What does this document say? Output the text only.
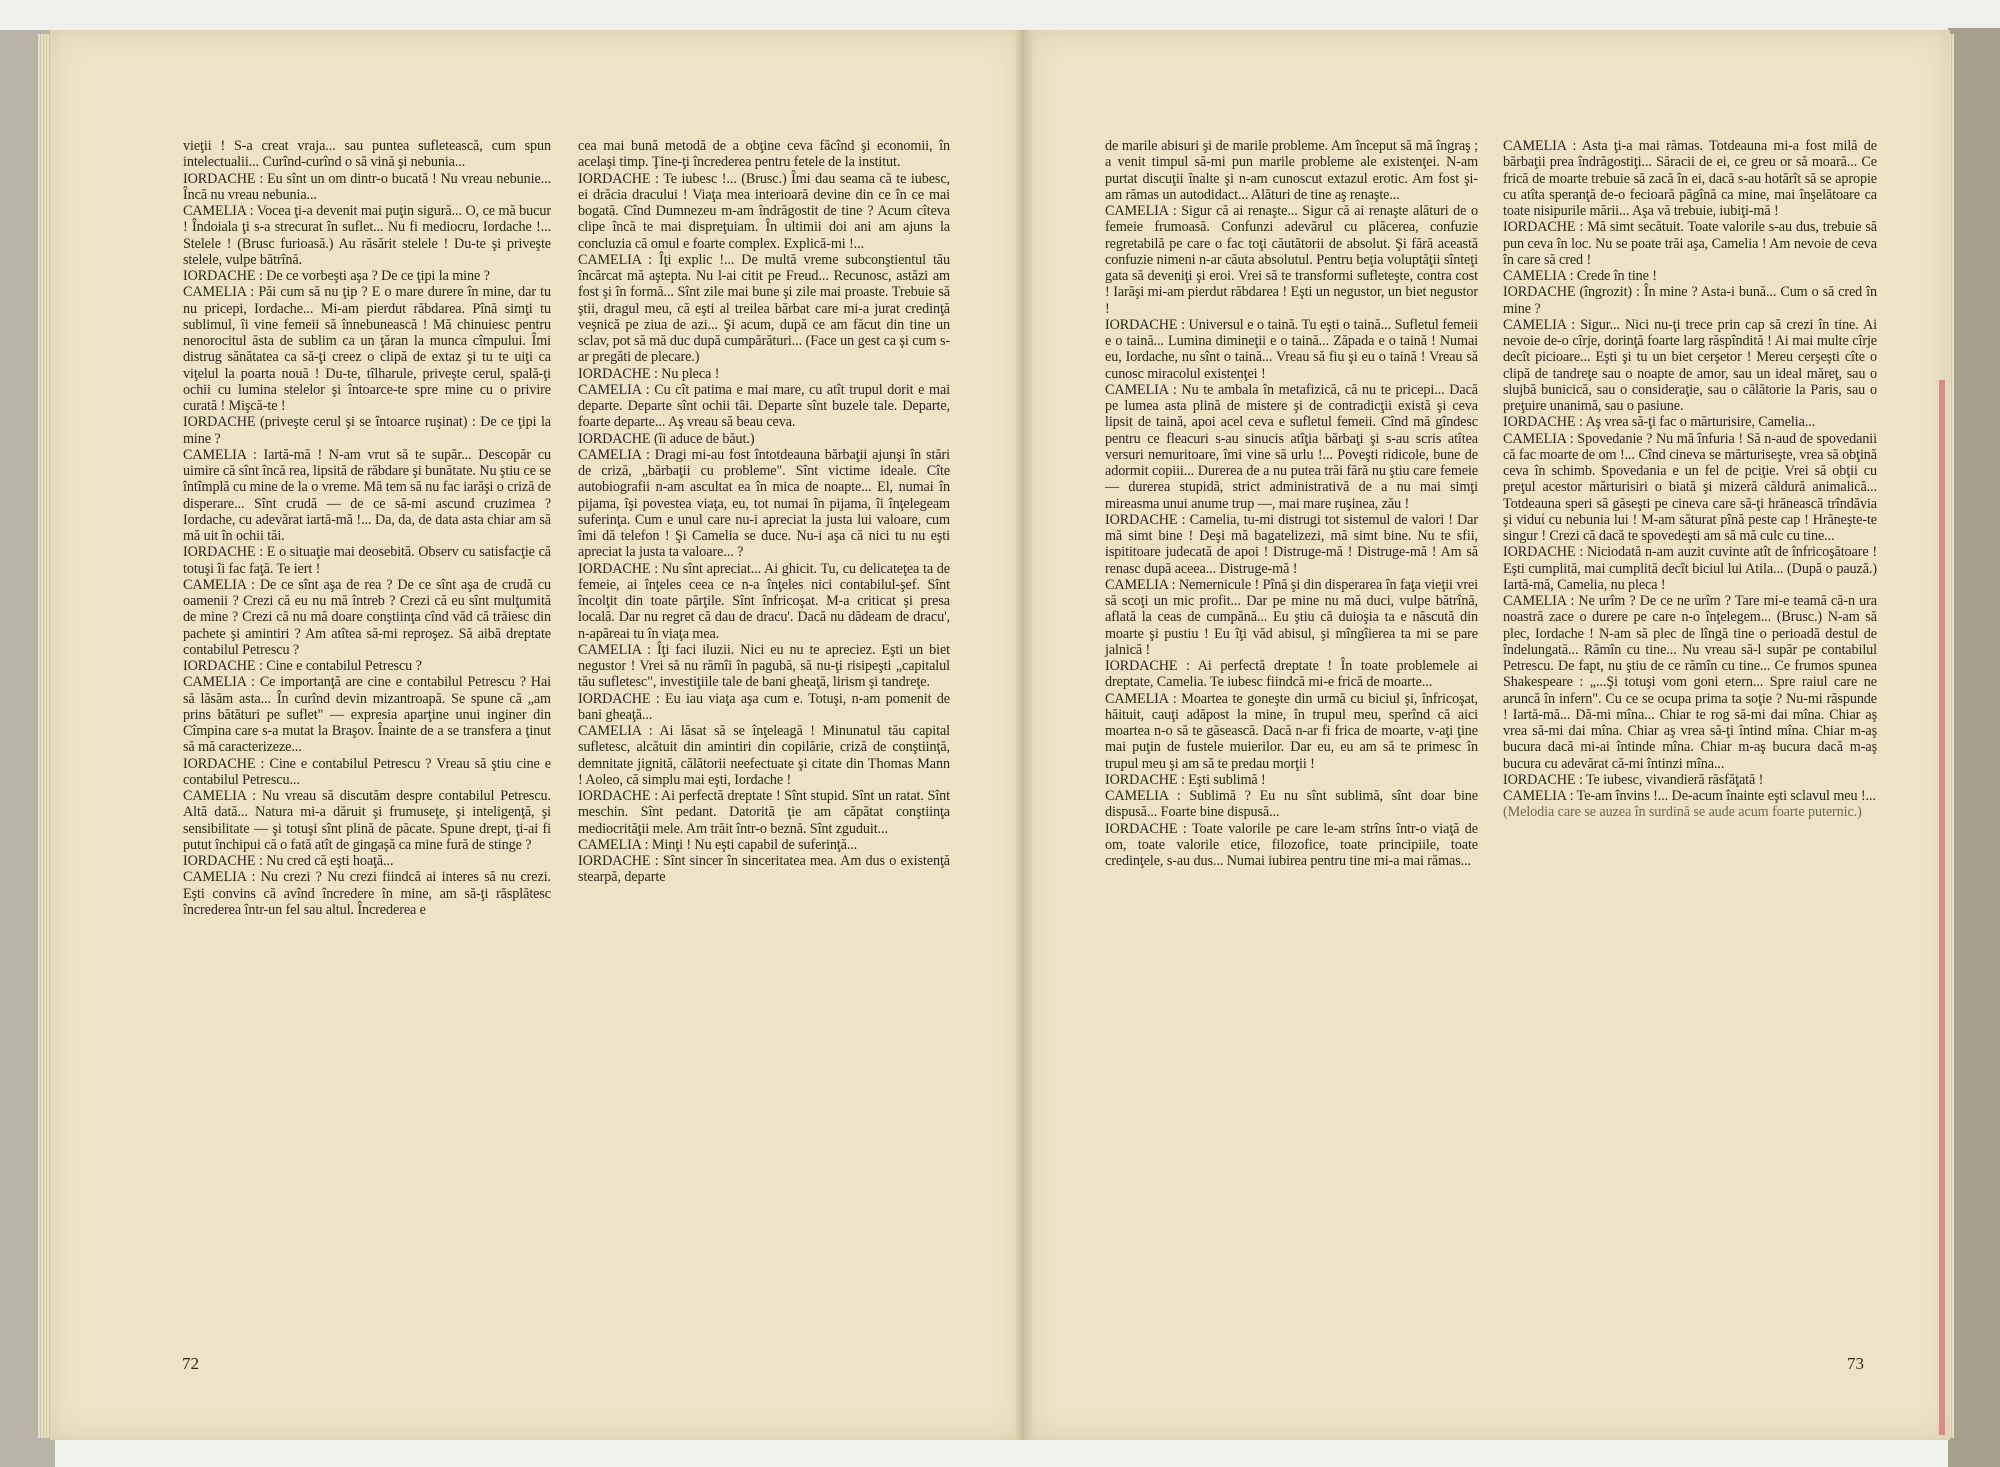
vieţii ! S-a creat vraja... sau puntea sufletească, cum spun intelectualii... Curînd-curînd o să vină şi nebunia...

IORDACHE : Eu sînt un om dintr-o bucată ! Nu vreau nebunie... Încă nu vreau nebunia...

CAMELIA : Vocea ţi-a devenit mai puţin sigură... O, ce mă bucur ! Îndoiala ţi s-a strecurat în suflet... Nu fi mediocru, Iordache !... Stelele ! (Brusc furioasă.) Au răsărit stelele ! Du-te şi priveşte stelele, vulpe bătrînă.

IORDACHE : De ce vorbeşti aşa ? De ce ţipi la mine ?

CAMELIA : Păi cum să nu ţip ? E o mare durere în mine, dar tu nu pricepi, Iordache... Mi-am pierdut răbdarea. Pînă simţi tu sublimul, îi vine femeii să înnebunească ! Mă chinuiesc pentru nenorocitul ăsta de sublim ca un ţăran la munca cîmpului. Îmi distrug sănătatea ca să-ţi creez o clipă de extaz şi tu te uiţi ca viţelul la poarta nouă ! Du-te, tîlharule, priveşte cerul, spală-ţi ochii cu lumina stelelor şi întoarce-te spre mine cu o privire curată ! Mişcă-te !

IORDACHE (priveşte cerul şi se întoarce ruşinat) : De ce ţipi la mine ?

CAMELIA : Iartă-mă ! N-am vrut să te supăr... Descopăr cu uimire că sînt încă rea, lipsită de răbdare şi bunătate. Nu ştiu ce se întîmplă cu mine de la o vreme. Mă tem să nu fac iarăşi o criză de disperare... Sînt crudă — de ce să-mi ascund cruzimea ? Iordache, cu adevărat iartă-mă !... Da, da, de data asta chiar am să mă uit în ochii tăi.

IORDACHE : E o situaţie mai deosebită. Observ cu satisfacţie că totuşi îi fac faţă. Te iert !

CAMELIA : De ce sînt aşa de rea ? De ce sînt aşa de crudă cu oamenii ? Crezi că eu nu mă întreb ? Crezi că eu sînt mulţumită de mine ? Crezi că nu mă doare conştiinţa cînd văd că trăiesc din pachete şi amintiri ? Am atîtea să-mi reproşez. Să aibă dreptate contabilul Petrescu ?

IORDACHE : Cine e contabilul Petrescu ?

CAMELIA : Ce importanţă are cine e contabilul Petrescu ? Hai să lăsăm asta... În curînd devin mizantroapă. Se spune că „am prins bătături pe suflet" — expresia aparţine unui inginer din Cîmpina care s-a mutat la Braşov. Înainte de a se transfera a ţinut să mă caracterizeze...

IORDACHE : Cine e contabilul Petrescu ? Vreau să ştiu cine e contabilul Petrescu...

CAMELIA : Nu vreau să discutăm despre contabilul Petrescu. Altă dată... Natura mi-a dăruit şi frumuseţe, şi inteligenţă, şi sensibilitate — şi totuşi sînt plină de păcate. Spune drept, ţi-ai fi putut închipui că o fată atît de gingaşă ca mine fură de stinge ?

IORDACHE : Nu cred că eşti hoaţă...

CAMELIA : Nu crezi ? Nu crezi fiindcă ai interes să nu crezi. Eşti convins că avînd încredere în mine, am să-ţi răsplătesc încrederea într-un fel sau altul. Încrederea e

cea mai bună metodă de a obţine ceva făcînd şi economii, în acelaşi timp. Ţine-ţi încrederea pentru fetele de la institut.

IORDACHE : Te iubesc !... (Brusc.) Îmi dau seama că te iubesc, ei drăcia dracului ! Viaţa mea interioară devine din ce în ce mai bogată. Cînd Dumnezeu m-am îndrăgostit de tine ? Acum cîteva clipe încă te mai dispreţuiam. În ultimii doi ani am ajuns la concluzia că omul e foarte complex. Explică-mi !...

CAMELIA : Îţi explic !... De multă vreme subconştientul tău încărcat mă aştepta. Nu l-ai citit pe Freud... Recunosc, astăzi am fost şi în formă... Sînt zile mai bune şi zile mai proaste. Trebuie să ştii, dragul meu, că eşti al treilea bărbat care mi-a jurat credinţă veşnică pe ziua de azi... Şi acum, după ce am făcut din tine un sclav, pot să mă duc după cumpărături... (Face un gest ca şi cum s-ar pregăti de plecare.)

IORDACHE : Nu pleca !

CAMELIA : Cu cît patima e mai mare, cu atît trupul dorit e mai departe. Departe sînt ochii tăi. Departe sînt buzele tale. Departe, foarte departe... Aş vreau să beau ceva.

IORDACHE (îi aduce de băut.)

CAMELIA : Dragi mi-au fost întotdeauna bărbaţii ajunşi în stări de criză, „bărbaţii cu probleme". Sînt victime ideale. Cîte autobiografii n-am ascultat ea în mica de noapte... El, numai în pijama, îşi povestea viaţa, eu, tot numai în pijama, îi înţelegeam suferinţa. Cum e unul care nu-i apreciat la justa lui valoare, cum îmi dă telefon ! Şi Camelia se duce. Nu-i aşa că nici tu nu eşti apreciat la justa ta valoare... ?

IORDACHE : Nu sînt apreciat... Ai ghicit. Tu, cu delicateţea ta de femeie, ai înţeles ceea ce n-a înţeles nici contabilul-şef. Sînt încolţit din toate părţile. Sînt înfricoşat. M-a criticat şi presa locală. Dar nu regret că dau de dracu'. Dacă nu dădeam de dracu', n-apăreai tu în viaţa mea.

CAMELIA : Îţi faci iluzii. Nici eu nu te apreciez. Eşti un biet negustor ! Vrei să nu rămîi în pagubă, să nu-ţi risipeşti „capitalul tău sufletesc", investiţiile tale de bani gheaţă, lirism şi tandreţe.

IORDACHE : Eu iau viaţa aşa cum e. Totuşi, n-am pomenit de bani gheaţă...

CAMELIA : Ai lăsat să se înţeleagă ! Minunatul tău capital sufletesc, alcătuit din amintiri din copilărie, criză de conştiinţă, demnitate jignită, călătorii neefectuate şi citate din Thomas Mann ! Aoleo, că simplu mai eşti, Iordache !

IORDACHE : Ai perfectă dreptate ! Sînt stupid. Sînt un ratat. Sînt meschin. Sînt pedant. Datorită ţie am căpătat conştiinţa mediocrităţii mele. Am trăit într-o beznă. Sînt zguduit...

CAMELIA : Minţi ! Nu eşti capabil de suferinţă...

IORDACHE : Sînt sincer în sinceritatea mea. Am dus o existenţă stearpă, departe

de marile abisuri şi de marile probleme. Am început să mă îngraş ; a venit timpul să-mi pun marile probleme ale existenţei. N-am purtat discuţii înalte şi n-am cunoscut extazul erotic. Am fost şi-am rămas un autodidact... Alături de tine aş renaşte...

CAMELIA : Sigur că ai renaşte... Sigur că ai renaşte alături de o femeie frumoasă. Confunzi adevărul cu plăcerea, confuzie regretabilă pe care o fac toţi căutătorii de absolut. Şi fără această confuzie nimeni n-ar căuta absolutul. Pentru beţia voluptăţii sînteţi gata să deveniţi şi eroi. Vrei să te transformi sufleteşte, contra cost ! Iarăşi mi-am pierdut răbdarea ! Eşti un negustor, un biet negustor !

IORDACHE : Universul e o taină. Tu eşti o taină... Sufletul femeii e o taină... Lumina dimineţii e o taină... Zăpada e o taină ! Numai eu, Iordache, nu sînt o taină... Vreau să fiu şi eu o taină ! Vreau să cunosc miracolul existenţei !

CAMELIA : Nu te ambala în metafizică, că nu te pricepi... Dacă pe lumea asta plină de mistere şi de contradicţii există şi ceva lipsit de taină, apoi acel ceva e sufletul femeii. Cînd mă gîndesc pentru ce fleacuri s-au sinucis atîţia bărbaţi şi s-au scris atîtea versuri nemuritoare, îmi vine să urlu !... Poveşti ridicole, bune de adormit copiii... Durerea de a nu putea trăi fără nu ştiu care femeie — durerea stupidă, strict administrativă de a nu mai simţi mireasma unui anume trup —, mai mare ruşinea, zău !

IORDACHE : Camelia, tu-mi distrugi tot sistemul de valori ! Dar mă simt bine ! Deşi mă bagatelizezi, mă simt bine. Nu te sfii, ispititoare judecată de apoi ! Distruge-mă ! Distruge-mă ! Am să renasc după aceea... Distruge-mă !

CAMELIA : Nemernicule ! Pînă şi din disperarea în faţa vieţii vrei să scoţi un mic profit... Dar pe mine nu mă duci, vulpe bătrînă, aflată la ceas de cumpănă... Eu ştiu că duioşia ta e născută din moarte şi pustiu ! Eu îţi văd abisul, şi mîngîierea ta mi se pare jalnică !

IORDACHE : Ai perfectă dreptate ! În toate problemele ai dreptate, Camelia. Te iubesc fiindcă mi-e frică de moarte...

CAMELIA : Moartea te goneşte din urmă cu biciul şi, înfricoşat, hăituit, cauţi adăpost la mine, în trupul meu, sperînd că aici moartea n-o să te găsească. Dacă n-ar fi frica de moarte, v-aţi ţine mai puţin de fustele muierilor. Dar eu, eu am să te primesc în trupul meu şi am să te predau morţii !

IORDACHE : Eşti sublimă !

CAMELIA : Sublimă ? Eu nu sînt sublimă, sînt doar bine dispusă... Foarte bine dispusă...

IORDACHE : Toate valorile pe care le-am strîns într-o viaţă de om, toate valorile etice, filozofice, toate principiile, toate credinţele, s-au dus... Numai iubirea pentru tine mi-a mai rămas...

CAMELIA : Asta ţi-a mai rămas. Totdeauna mi-a fost milă de bărbaţii prea îndrăgostiţi... Săracii de ei, ce greu or să moară... Ce frică de moarte trebuie să zacă în ei, dacă s-au hotărît să se apropie cu atîta speranţă de-o fecioară păgînă ca mine, mai înşelătoare ca toate nisipurile mării... Aşa vă trebuie, iubiţi-mă !

IORDACHE : Mă simt secătuit. Toate valorile s-au dus, trebuie să pun ceva în loc. Nu se poate trăi aşa, Camelia ! Am nevoie de ceva în care să cred !

CAMELIA : Crede în tine !

IORDACHE (îngrozit) : În mine ? Asta-i bună... Cum o să cred în mine ?

CAMELIA : Sigur... Nici nu-ţi trece prin cap să crezi în tine. Ai nevoie de-o cîrje, dorinţă foarte larg răspîndită ! Ai mai multe cîrje decît picioare... Eşti şi tu un biet cerşetor ! Mereu cerşeşti cîte o clipă de tandreţe sau o noapte de amor, sau un ideal măreţ, sau o slujbă bunicică, sau o consideraţie, sau o călătorie la Paris, sau o preţuire unanimă, sau o pasiune.

IORDACHE : Aş vrea să-ţi fac o mărturisire, Camelia...

CAMELIA : Spovedanie ? Nu mă înfuria ! Să n-aud de spovedanii că fac moarte de om !... Cînd cineva se mărturiseşte, vrea să obţină ceva în schimb. Spovedania e un fel de pciţie. Vrei să obţii cu preţul acestor mărturisiri o biată şi mizeră căldură animalică... Totdeauna speri să găseşti pe cineva care să-ţi hrănească trîndăvia şi viduί cu nebunia lui ! M-am săturat pînă peste cap ! Hrăneşte-te singur ! Crezi că dacă te spovedeşti am să mă culc cu tine...

IORDACHE : Niciodată n-am auzit cuvinte atît de înfricoşătoare ! Eşti cumplită, mai cumplită decît biciul lui Atila... (După o pauză.) Iartă-mă, Camelia, nu pleca !

CAMELIA : Ne urîm ? De ce ne urîm ? Tare mi-e teamă că-n ura noastră zace o durere pe care n-o înţelegem... (Brusc.) N-am să plec, Iordache ! N-am să plec de lîngă tine o perioadă destul de îndelungată... Rămîn cu tine... Nu vreau să-l supăr pe contabilul Petrescu. De fapt, nu ştiu de ce rămîn cu tine... Ce frumos spunea Shakespeare : „...Şi totuşi vom goni etern... Spre raiul care ne aruncă în infern". Cu ce se ocupa prima ta soţie ? Nu-mi răspunde ! Iartă-mă... Dă-mi mîna... Chiar te rog să-mi dai mîna. Chiar aş vrea să-mi dai mîna. Chiar aş vrea să-ţi întind mîna. Chiar m-aş bucura dacă mi-ai întinde mîna. Chiar m-aş bucura dacă m-aş bucura cu adevărat că-mi întinzi mîna...

IORDACHE : Te iubesc, vivandieră răsfăţată !

CAMELIA : Te-am învins !... De-acum înainte eşti sclavul meu !...

(Melodia care se auzea în surdină se aude acum foarte puternic.)

72	73
